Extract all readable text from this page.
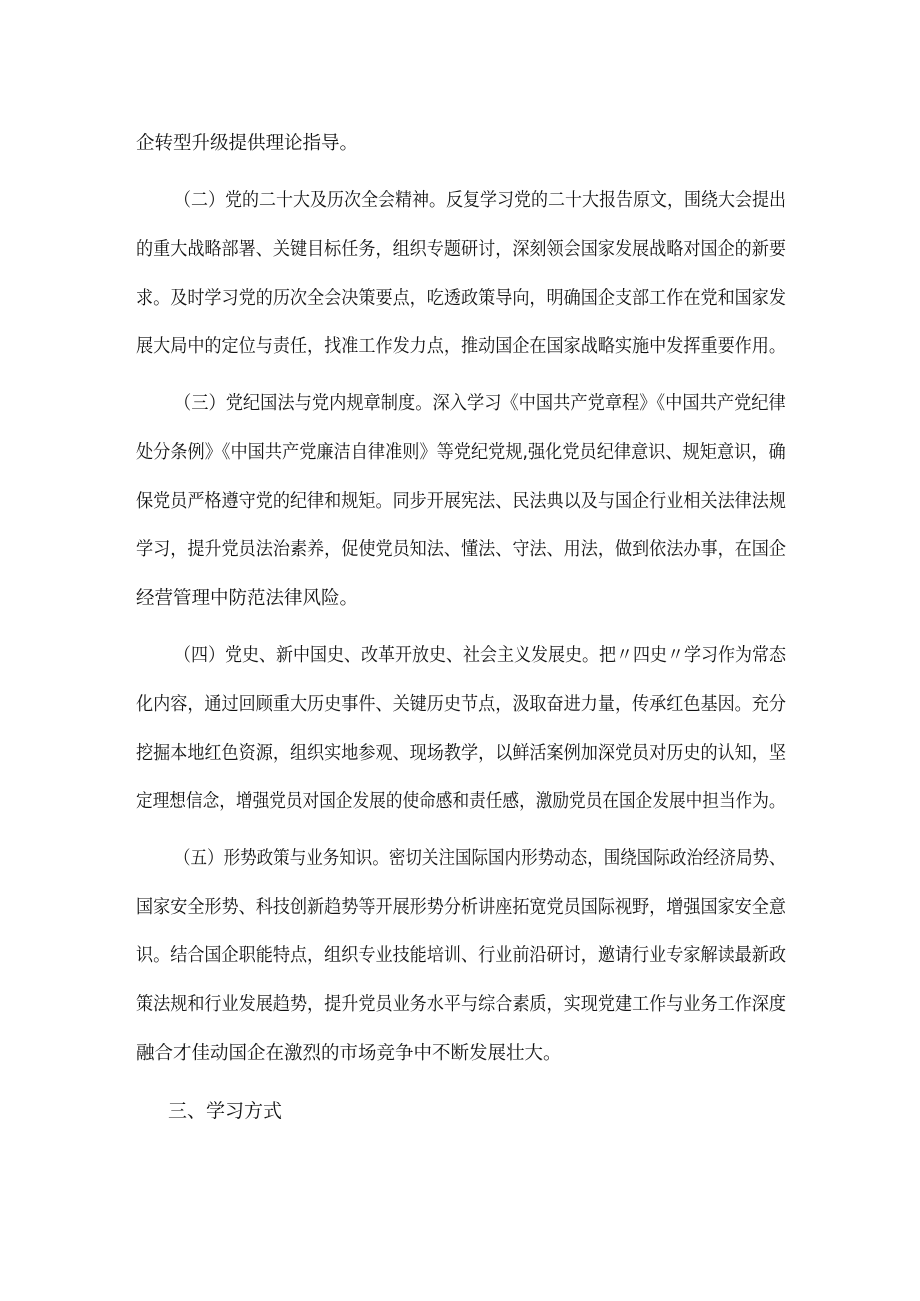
企转型升级提供理论指导。
（二）党的二十大及历次全会精神。反复学习党的二十大报告原文，围绕大会提出
的重大战略部署、关键目标任务，组织专题研讨，深刻领会国家发展战略对国企的新要
求。及时学习党的历次全会决策要点，吃透政策导向，明确国企支部工作在党和国家发
展大局中的定位与责任，找准工作发力点，推动国企在国家战略实施中发挥重要作用。
（三）党纪国法与党内规章制度。深入学习《中国共产党章程》《中国共产党纪律
处分条例》《中国共产党廉洁自律准则》等党纪党规,强化党员纪律意识、规矩意识，确
保党员严格遵守党的纪律和规矩。同步开展宪法、民法典以及与国企行业相关法律法规
学习，提升党员法治素养，促使党员知法、懂法、守法、用法，做到依法办事，在国企
经营管理中防范法律风险。
（四）党史、新中国史、改革开放史、社会主义发展史。把〃四史〃学习作为常态
化内容，通过回顾重大历史事件、关键历史节点，汲取奋进力量，传承红色基因。充分
挖掘本地红色资源，组织实地参观、现场教学，以鲜活案例加深党员对历史的认知，坚
定理想信念，增强党员对国企发展的使命感和责任感，激励党员在国企发展中担当作为。
（五）形势政策与业务知识。密切关注国际国内形势动态，围绕国际政治经济局势、
国家安全形势、科技创新趋势等开展形势分析讲座拓宽党员国际视野，增强国家安全意
识。结合国企职能特点，组织专业技能培训、行业前沿研讨，邀请行业专家解读最新政
策法规和行业发展趋势，提升党员业务水平与综合素质，实现党建工作与业务工作深度
融合才佳动国企在激烈的市场竞争中不断发展壮大。
三、学习方式
